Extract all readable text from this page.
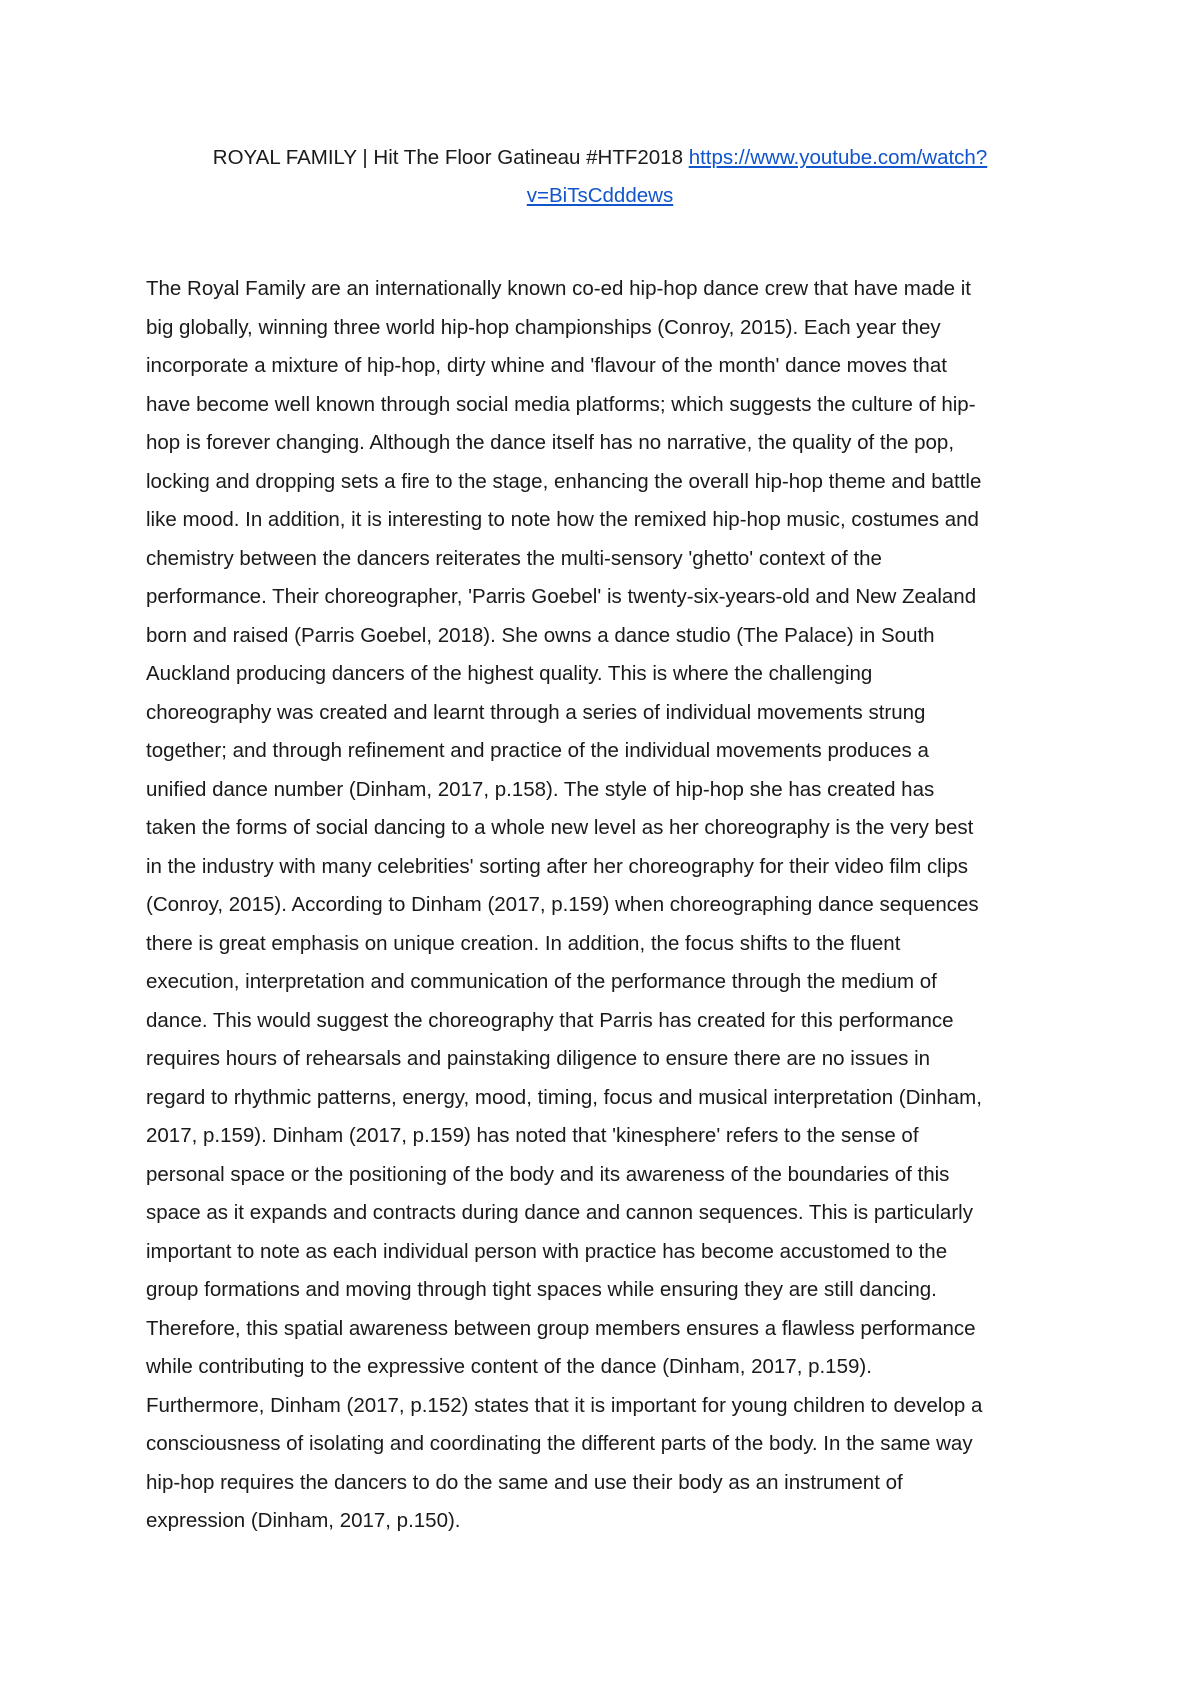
ROYAL FAMILY | Hit The Floor Gatineau #HTF2018 https://www.youtube.com/watch?
v=BiTsCdddews
The Royal Family are an internationally known co-ed hip-hop dance crew that have made it
big globally, winning three world hip-hop championships (Conroy, 2015). Each year they
incorporate a mixture of hip-hop, dirty whine and 'flavour of the month' dance moves that
have become well known through social media platforms; which suggests the culture of hip-
hop is forever changing. Although the dance itself has no narrative, the quality of the pop,
locking and dropping sets a fire to the stage, enhancing the overall hip-hop theme and battle
like mood. In addition, it is interesting to note how the remixed hip-hop music, costumes and
chemistry between the dancers reiterates the multi-sensory 'ghetto' context of the
performance. Their choreographer, 'Parris Goebel' is twenty-six-years-old and New Zealand
born and raised (Parris Goebel, 2018). She owns a dance studio (The Palace) in South
Auckland producing dancers of the highest quality. This is where the challenging
choreography was created and learnt through a series of individual movements strung
together; and through refinement and practice of the individual movements produces a
unified dance number (Dinham, 2017, p.158). The style of hip-hop she has created has
taken the forms of social dancing to a whole new level as her choreography is the very best
in the industry with many celebrities' sorting after her choreography for their video film clips
(Conroy, 2015). According to Dinham (2017, p.159) when choreographing dance sequences
there is great emphasis on unique creation. In addition, the focus shifts to the fluent
execution, interpretation and communication of the performance through the medium of
dance. This would suggest the choreography that Parris has created for this performance
requires hours of rehearsals and painstaking diligence to ensure there are no issues in
regard to rhythmic patterns, energy, mood, timing, focus and musical interpretation (Dinham,
2017, p.159). Dinham (2017, p.159) has noted that 'kinesphere' refers to the sense of
personal space or the positioning of the body and its awareness of the boundaries of this
space as it expands and contracts during dance and cannon sequences. This is particularly
important to note as each individual person with practice has become accustomed to the
group formations and moving through tight spaces while ensuring they are still dancing.
Therefore, this spatial awareness between group members ensures a flawless performance
while contributing to the expressive content of the dance (Dinham, 2017, p.159).
Furthermore, Dinham (2017, p.152) states that it is important for young children to develop a
consciousness of isolating and coordinating the different parts of the body. In the same way
hip-hop requires the dancers to do the same and use their body as an instrument of
expression (Dinham, 2017, p.150).
